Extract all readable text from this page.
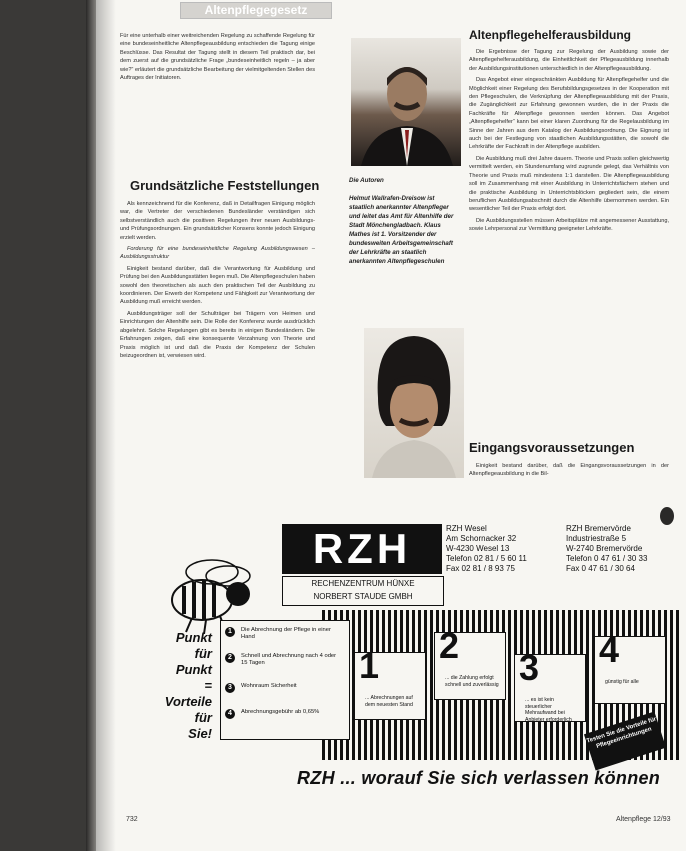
Altenpflegegesetz

Für eine unterhalb einer weitreichenden Regelung zu schaffende Regelung für eine bundeseinheitliche Altenpflegeausbildung entschieden die Tagung einige Beschlüsse. Das Resultat der Tagung stellt in diesem Teil praktisch dar, bei dem zuerst auf die grundsätzliche Frage „bundeseinheitlich regeln – ja aber wie?“ erläutert die grundsätzliche Bearbeitung der vielmitgeltenden Stellen des Auftrages der Initiatoren.

Grundsätzliche Feststellungen

Als kennzeichnend für die Konferenz, daß in Detailfragen Einigung möglich war, die Vertreter der verschiedenen Bundesländer verständigen sich selbstverständlich auch die positiven Regelungen ihrer neuen Ausbildungs- und Prüfungsordnungen. Ein grundsätzlicher Konsens konnte jedoch Einigung erzielt werden.

Forderung für eine bundeseinheitliche Regelung Ausbildungswesen – Ausbildungsstruktur

Einigkeit bestand darüber, daß die Verantwortung für Ausbildung und Prüfung bei den Ausbildungsstätten liegen muß. Die Altenpflegeschulen haben sowohl den theoretischen als auch den praktischen Teil der Ausbildung zu koordinieren. Der Erwerb der Kompetenz und Fähigkeit zur Verantwortung der Ausbildung muß erreicht werden.

Ausbildungsträger soll der Schulträger bei Trägern von Heimen und Einrichtungen der Altenhilfe sein. Die Rolle der Konferenz wurde ausdrücklich abgelehnt. Solche Regelungen gibt es bereits in einigen Bundesländern. Die Erfahrungen zeigen, daß eine konsequente Verzahnung von Theorie und Praxis möglich ist und daß die Praxis der Kompetenz der Schulen beizugeordnen ist, verwiesen wird.

Die Autoren
Helmut Wallrafen-Dreisow ist staatlich anerkannter Altenpfleger und leitet das Amt für Altenhilfe der Stadt Mönchengladbach. Klaus Mathes ist 1. Vorsitzender der bundesweiten Arbeitsgemeinschaft der Lehrkräfte an staatlich anerkannten Altenpflegeschulen
Altenpflegehelferausbildung

Die Ergebnisse der Tagung zur Regelung der Ausbildung sowie der Altenpflegehelferausbildung, die Einheitlichkeit der Pflegeausbildung innerhalb der Ausbildungsinstitutionen unterschiedlich in der Altenpflegeausbildung.

Das Angebot einer eingeschränkten Ausbildung für Altenpflegehelfer und die Möglichkeit einer Regelung des Berufsbildungsgesetzes in der Kooperation mit den Pflegeschulen, die Verknüpfung der Altenpflegeausbildung mit der Praxis, die Zugänglichkeit zur Erfahrung gewonnen wurden, die in der Praxis die Fachkräfte für Altenpflege gewonnen werden können. Das Angebot „Altenpflegehelfer“ kann bei einer klaren Zuordnung für die Regelausbildung im Sinne der Jahren aus dem Katalog der Ausbildungsordnung. Die Eignung ist auch bei der Festlegung von staatlichen Ausbildungsstätten, die sowohl die Lehrkräfte der Fachkraft in der Altenpflege ausbilden.

Die Ausbildung muß drei Jahre dauern. Theorie und Praxis sollen gleichwertig vermittelt werden, ein Stundenumfang wird zugrunde gelegt, das Verhältnis von Theorie und Praxis muß mindestens 1:1 darstellen. Die Altenpflegeausbildung soll im Zusammenhang mit einer Ausbildung in Unterrichtsfächern stehen und die praktische Ausbildung in Unterrichtsblöcken gegliedert sein, die einem beruflichen Ausbildungsabschnitt durch die Altenhilfe übernommen werden. Ein wesentlicher Teil der Praxis erfolgt dort.

Die Ausbildungsstellen müssen Arbeitsplätze mit angemessener Ausstattung, sowie Lehrpersonal zur Vermittlung geeigneter Lehrkräfte.

Eingangsvoraussetzungen

Einigkeit bestand darüber, daß die Eingangsvoraussetzungen in der Altenpflegeausbildung in die Bil-

RZH
RECHENZENTRUM HÜNXE
NORBERT STAUDE GMBH
RZH Wesel
Am Schornacker 32
W-4230 Wesel 13
Telefon 02 81 / 5 60 11
Fax 02 81 / 8 93 75
RZH Bremervörde
Industriestraße 5
W-2740 Bremervörde
Telefon 0 47 61 / 30 33
Fax 0 47 61 / 30 64
Punkt
für
Punkt
=
Vorteile
für
Sie!
1	Die Abrechnung der Pflege in einer Hand
2	Schnell und Abrechnung nach 4 oder 15 Tagen
3	Wohnraum Sicherheit
4	Abrechnungsgebühr ab 0,65%
1
... Abrechnungen auf dem neuesten Stand
2
... die Zahlung erfolgt schnell und zuverlässig 3
... es ist kein steuerlicher Mehraufwand bei Anbieter erforderlich
4
günstig für alle
Testen Sie die Vorteile für Pflegeeinrichtungen
RZH ... worauf Sie sich verlassen können
732	Altenpflege 12/93
